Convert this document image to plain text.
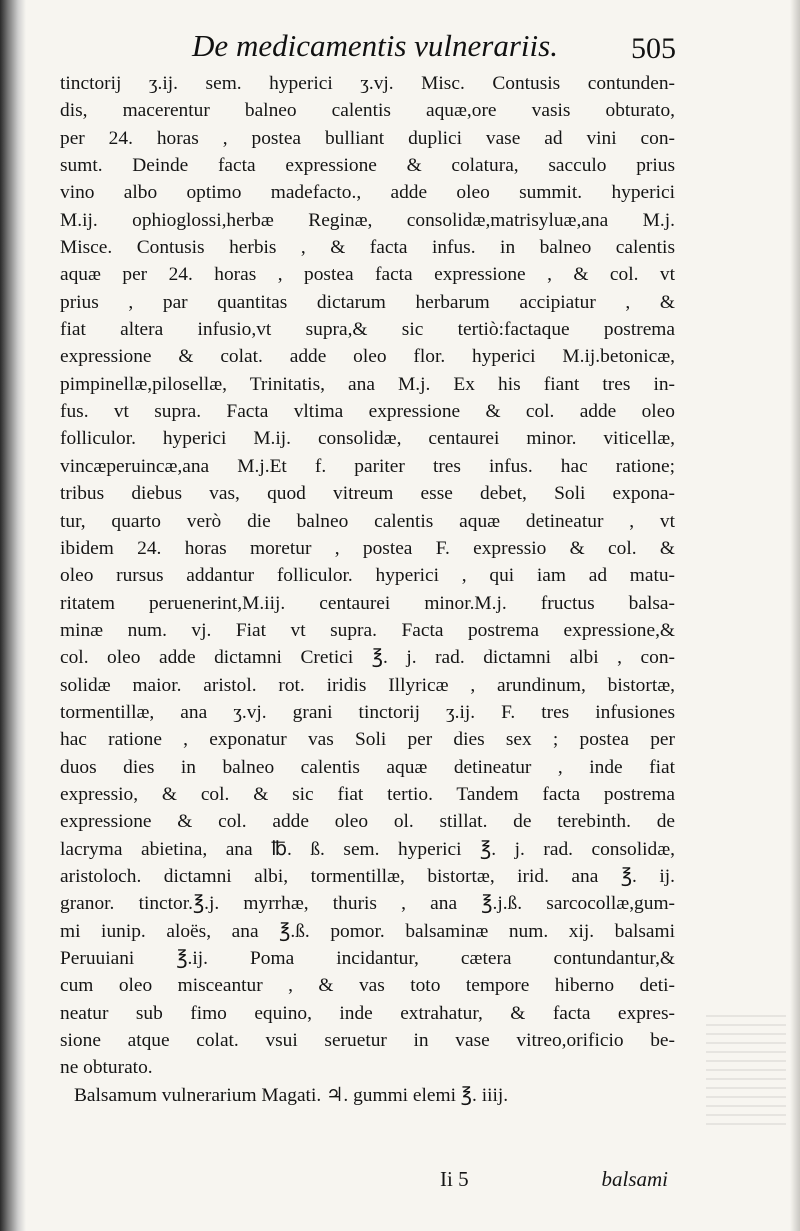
De medicamentis vulnerariis.	505
tinctorij ʒ.ij. sem. hyperici ʒ.vj. Misc. Contusis contunden-
dis, macerentur balneo calentis aquæ,ore vasis obturato,
per 24. horas , postea bulliant duplici vase ad vini con-
sumt. Deinde facta expressione & colatura, sacculo prius
vino albo optimo madefacto., adde oleo summit. hyperici
M.ij. ophioglossi,herbæ Reginæ, consolidæ,matrisyluæ,ana M.j.
Misce. Contusis herbis , & facta infus. in balneo calentis
aquæ per 24. horas , postea facta expressione , & col. vt
prius , par quantitas dictarum herbarum accipiatur , &
fiat altera infusio,vt supra,& sic tertiò:factaque postrema
expressione & colat. adde oleo flor. hyperici M.ij.betonicæ,
pimpinellæ,pilosellæ, Trinitatis, ana M.j. Ex his fiant tres in-
fus. vt supra. Facta vltima expressione & col. adde oleo
folliculor. hyperici M.ij. consolidæ, centaurei minor. viticellæ,
vincæperuincæ,ana M.j.Et f. pariter tres infus. hac ratione;
tribus diebus vas, quod vitreum esse debet, Soli expona-
tur, quarto verò die balneo calentis aquæ detineatur , vt
ibidem 24. horas moretur , postea F. expressio & col. &
oleo rursus addantur folliculor. hyperici , qui iam ad matu-
ritatem peruenerint,M.iij. centaurei minor.M.j. fructus balsa-
minæ num. vj. Fiat vt supra. Facta postrema expressione,&
col. oleo adde dictamni Cretici ℥. j. rad. dictamni albi , con-
solidæ maior. aristol. rot. iridis Illyricæ , arundinum, bistortæ,
tormentillæ, ana ʒ.vj. grani tinctorij ʒ.ij. F. tres infusiones
hac ratione , exponatur vas Soli per dies sex ; postea per
duos dies in balneo calentis aquæ detineatur , inde fiat
expressio, & col. & sic fiat tertio. Tandem facta postrema
expressione & col. adde oleo ol. stillat. de terebinth. de
lacryma abietina, ana ℔. ß. sem. hyperici ℥. j. rad. consolidæ,
aristoloch. dictamni albi, tormentillæ, bistortæ, irid. ana ℥. ij.
granor. tinctor.℥.j. myrrhæ, thuris , ana ℥.j.ß. sarcocollæ,gum-
mi iunip. aloës, ana ℥.ß. pomor. balsaminæ num. xij. balsami
Peruuiani ℥.ij. Poma incidantur, cætera contundantur,&
cum oleo misceantur , & vas toto tempore hiberno deti-
neatur sub fimo equino, inde extrahatur, & facta expres-
sione atque colat. vsui seruetur in vase vitreo,orificio be-
ne obturato.
Balsamum vulnerarium Magati. ♃. gummi elemi ℥. iiij.
Ii 5	balsami
